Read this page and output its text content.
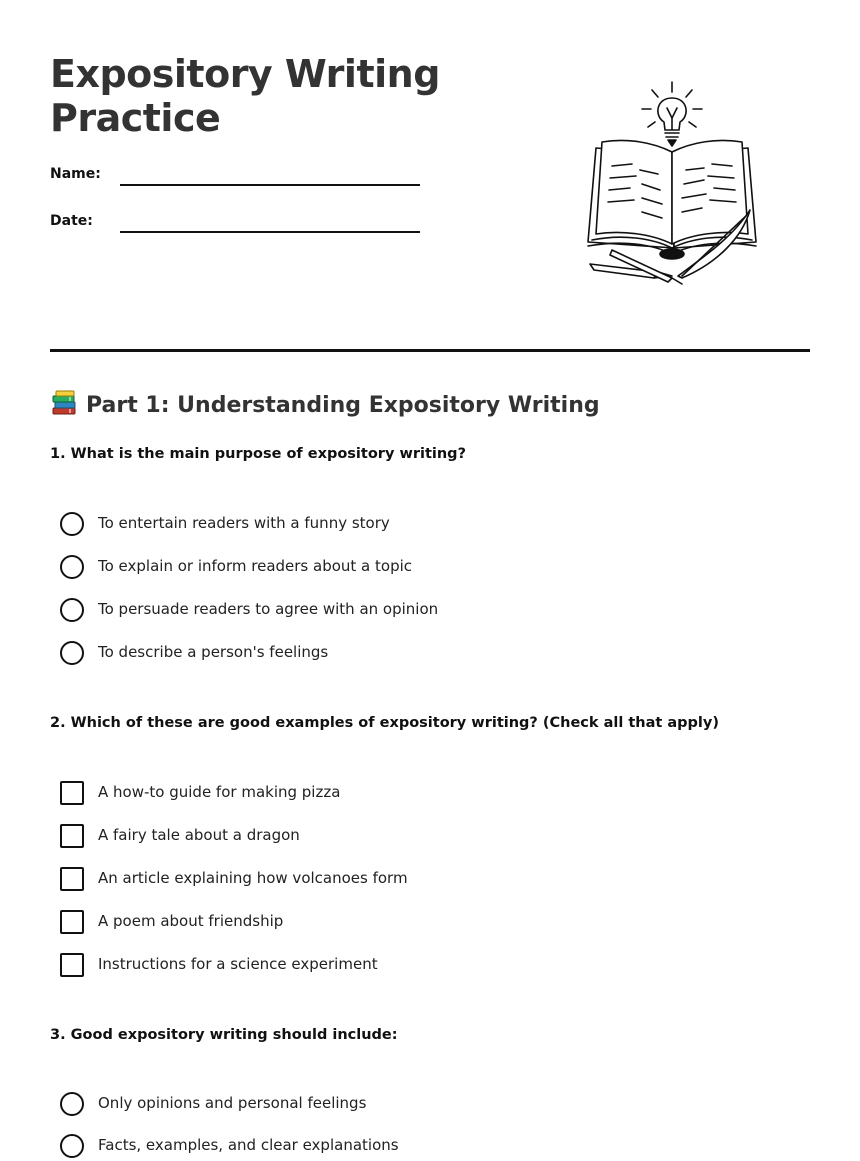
Expository Writing
Practice
Name:
Date:
Part 1: Understanding Expository Writing

1. What is the main purpose of expository writing?

To entertain readers with a funny story
To explain or inform readers about a topic
To persuade readers to agree with an opinion
To describe a person's feelings

2. Which of these are good examples of expository writing? (Check all that apply)

A how-to guide for making pizza
A fairy tale about a dragon
An article explaining how volcanoes form
A poem about friendship
Instructions for a science experiment

3. Good expository writing should include:

Only opinions and personal feelings
Facts, examples, and clear explanations
